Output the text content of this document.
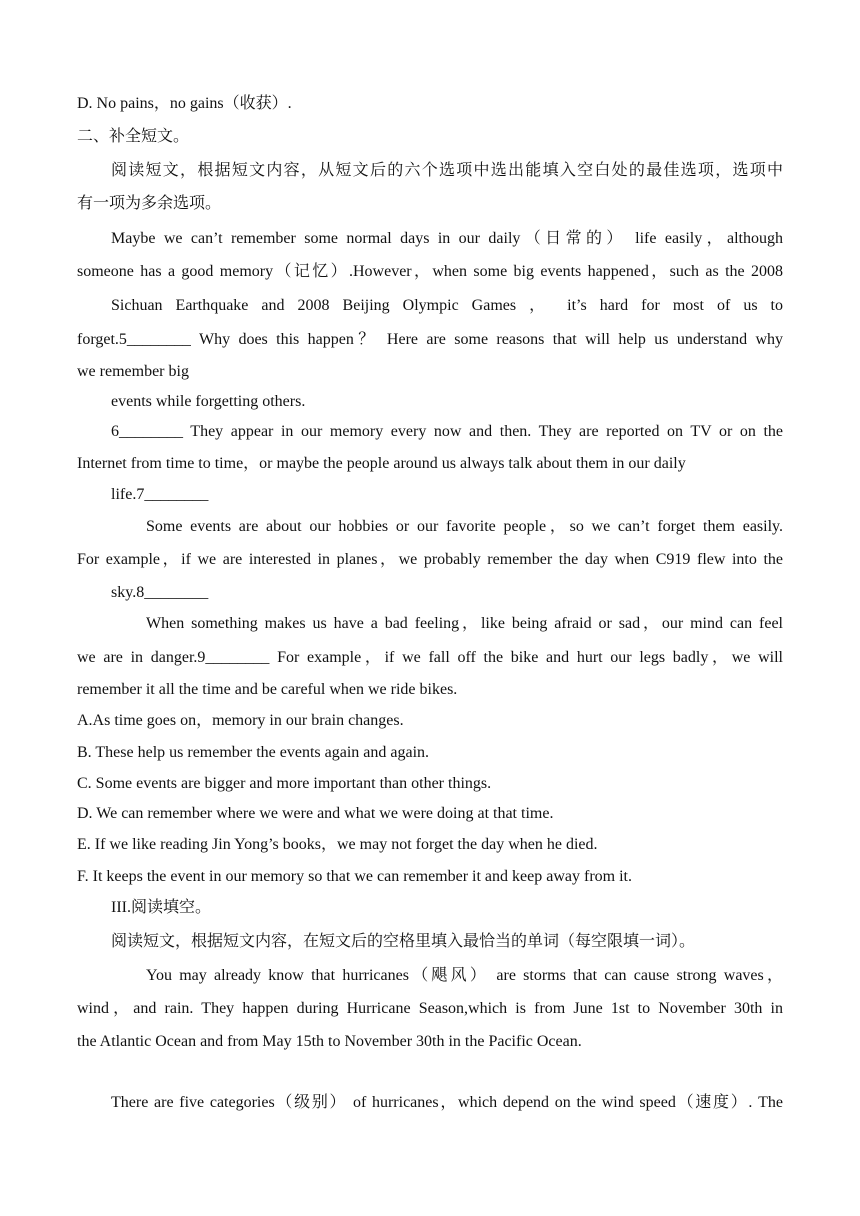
D. No pains，no gains（收获）.
二、补全短文。
阅读短文，根据短文内容，从短文后的六个选项中选出能填入空白处的最佳选项，选项中
有一项为多余选项。
Maybe we can’t remember some normal days in our daily（日常的） life easily，although
someone has a good memory（记忆）.However，when some big events happened，such as the 2008
Sichuan Earthquake and 2008 Beijing Olympic Games ， it’s hard for most of us to
forget.5________ Why does this happen？ Here are some reasons that will help us understand why
we remember big
events while forgetting others.
6________ They appear in our memory every now and then. They are reported on TV or on the
Internet from time to time，or maybe the people around us always talk about them in our daily
life.7________
Some events are about our hobbies or our favorite people，so we can’t forget them easily.
For example，if we are interested in planes，we probably remember the day when C919 flew into the
sky.8________
When something makes us have a bad feeling，like being afraid or sad，our mind can feel
we are in danger.9________ For example，if we fall off the bike and hurt our legs badly，we will
remember it all the time and be careful when we ride bikes.
A.As time goes on，memory in our brain changes.
B. These help us remember the events again and again.
C. Some events are bigger and more important than other things.
D. We can remember where we were and what we were doing at that time.
E. If we like reading Jin Yong’s books，we may not forget the day when he died.
F. It keeps the event in our memory so that we can remember it and keep away from it.
III.阅读填空。
阅读短文，根据短文内容，在短文后的空格里填入最恰当的单词（每空限填一词）。
You may already know that hurricanes（飓风） are storms that can cause strong waves，
wind，and rain. They happen during Hurricane Season,which is from June 1st to November 30th in
the Atlantic Ocean and from May 15th to November 30th in the Pacific Ocean.
There are five categories（级别） of hurricanes，which depend on the wind speed（速度）. The
